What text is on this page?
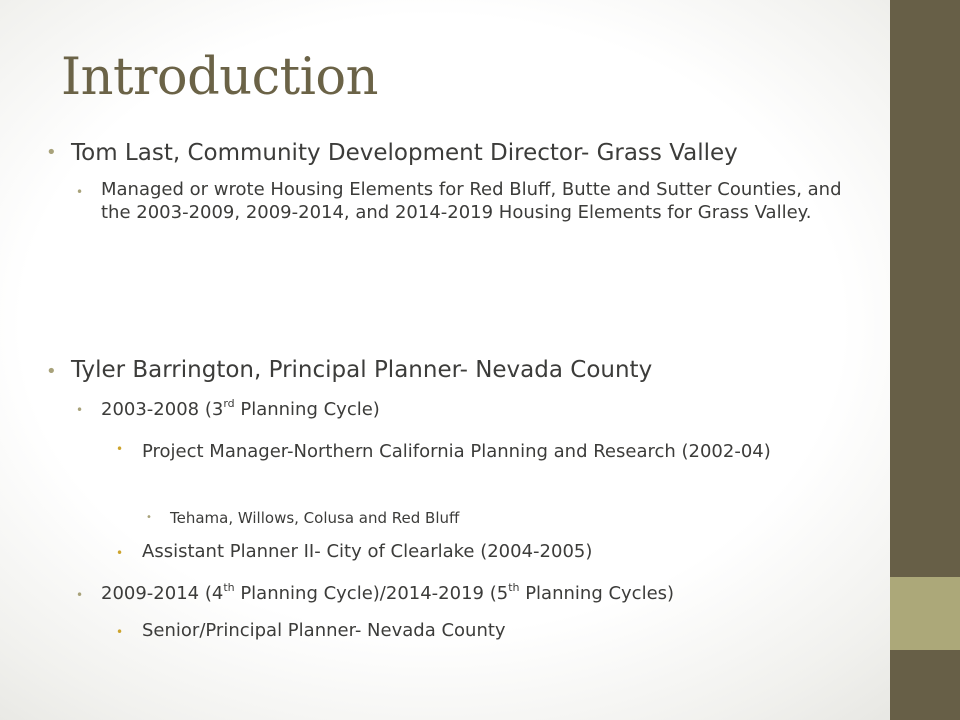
Introduction
• Tom Last, Community Development Director- Grass Valley
• Managed or wrote Housing Elements for Red Bluff, Butte and Sutter Counties, and the 2003-2009, 2009-2014, and 2014-2019 Housing Elements for Grass Valley.
• Tyler Barrington, Principal Planner- Nevada County
• 2003-2008 (3rd Planning Cycle)
• Project Manager-Northern California Planning and Research (2002-04)
• Tehama, Willows, Colusa and Red Bluff
• Assistant Planner II- City of Clearlake (2004-2005)
• 2009-2014 (4th Planning Cycle)/2014-2019 (5th Planning Cycles)
• Senior/Principal Planner- Nevada County
